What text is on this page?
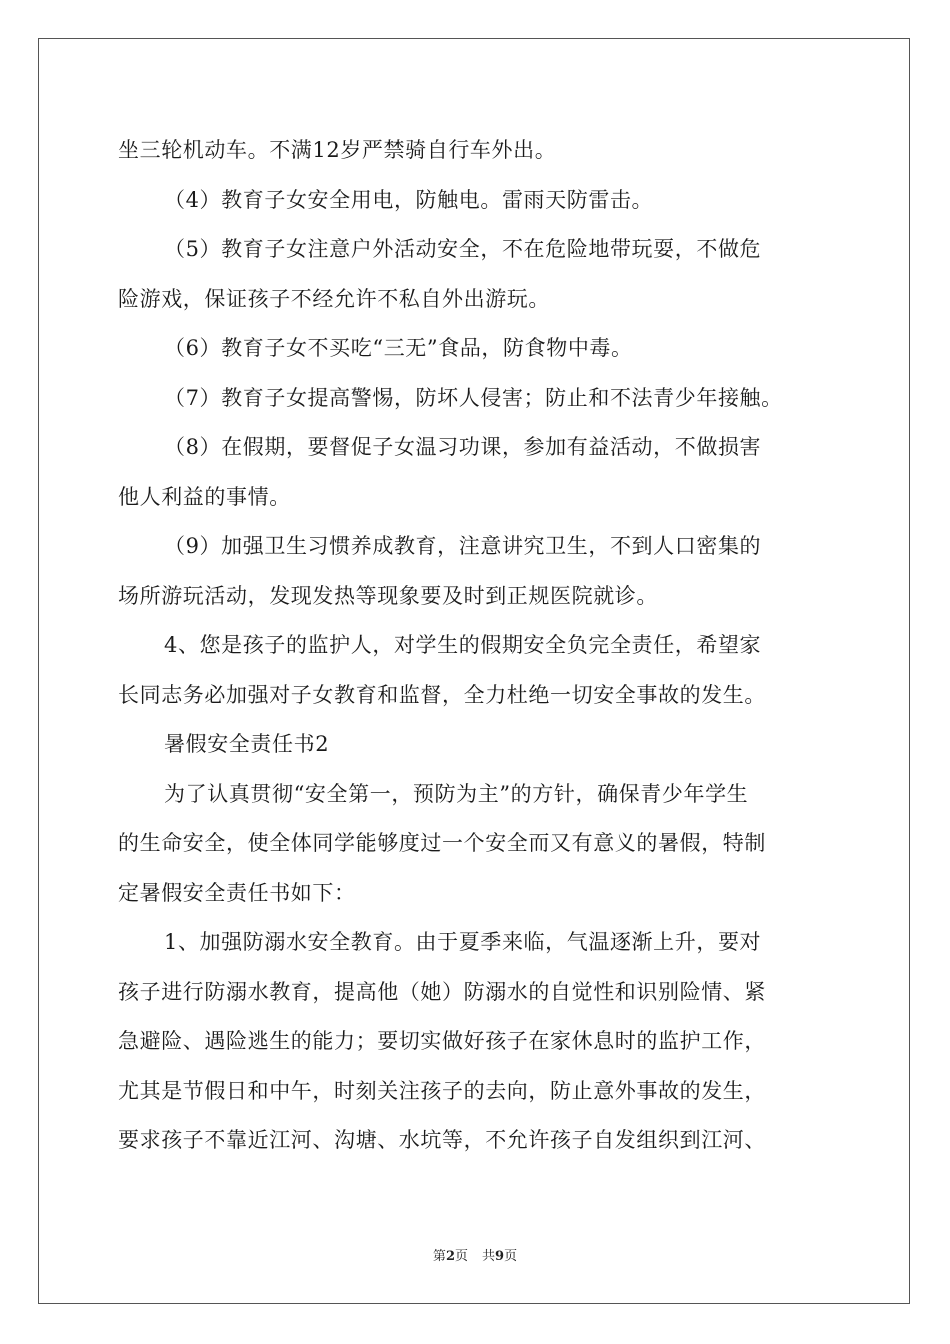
坐三轮机动车。不满12岁严禁骑自行车外出。
（4）教育子女安全用电，防触电。雷雨天防雷击。
（5）教育子女注意户外活动安全，不在危险地带玩耍，不做危
险游戏，保证孩子不经允许不私自外出游玩。
（6）教育子女不买吃“三无”食品，防食物中毒。
（7）教育子女提高警惕，防坏人侵害；防止和不法青少年接触。
（8）在假期，要督促子女温习功课，参加有益活动，不做损害
他人利益的事情。
（9）加强卫生习惯养成教育，注意讲究卫生，不到人口密集的
场所游玩活动，发现发热等现象要及时到正规医院就诊。
4、您是孩子的监护人，对学生的假期安全负完全责任，希望家
长同志务必加强对子女教育和监督，全力杜绝一切安全事故的发生。
暑假安全责任书2
为了认真贯彻“安全第一，预防为主”的方针，确保青少年学生
的生命安全，使全体同学能够度过一个安全而又有意义的暑假，特制
定暑假安全责任书如下：
1、加强防溺水安全教育。由于夏季来临，气温逐渐上升，要对
孩子进行防溺水教育，提高他（她）防溺水的自觉性和识别险情、紧
急避险、遇险逃生的能力；要切实做好孩子在家休息时的监护工作，
尤其是节假日和中午，时刻关注孩子的去向，防止意外事故的发生，
要求孩子不靠近江河、沟塘、水坑等，不允许孩子自发组织到江河、
第2页 共9页
